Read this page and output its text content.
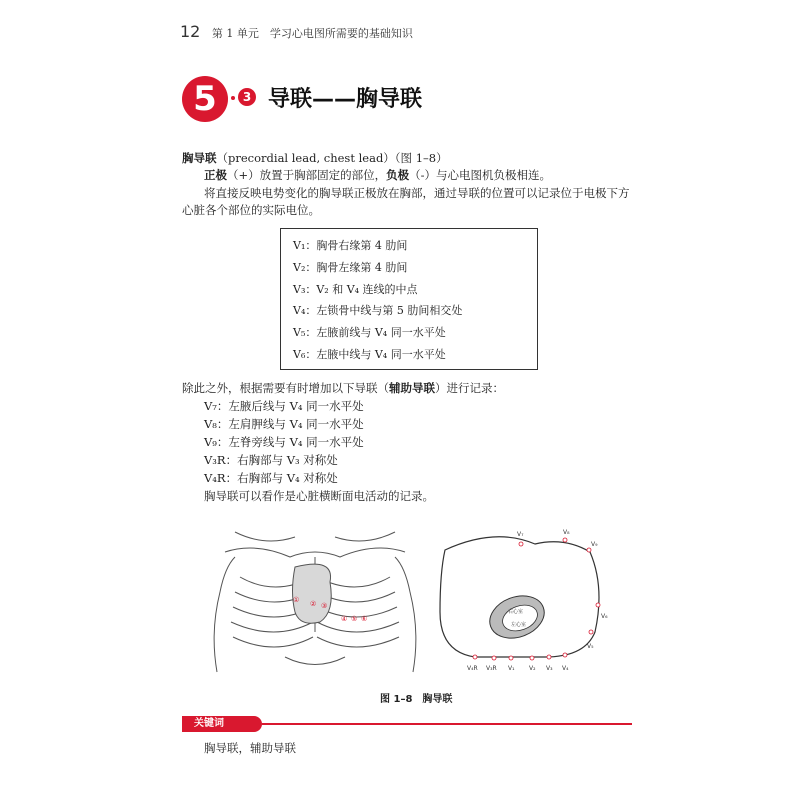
12 第 1 单元　学习心电图所需要的基础知识
5	3 导联——胸导联
胸导联（precordial lead, chest lead）（图 1–8）
正极（+）放置于胸部固定的部位，负极（-）与心电图机负极相连。
将直接反映电势变化的胸导联正极放在胸部，通过导联的位置可以记录位于电极下方
心脏各个部位的实际电位。
V₁：胸骨右缘第 4 肋间
V₂：胸骨左缘第 4 肋间
V₃：V₂ 和 V₄ 连线的中点
V₄：左锁骨中线与第 5 肋间相交处
V₅：左腋前线与 V₄ 同一水平处
V₆：左腋中线与 V₄ 同一水平处
除此之外，根据需要有时增加以下导联（辅助导联）进行记录：
V₇：左腋后线与 V₄ 同一水平处
V₈：左肩胛线与 V₄ 同一水平处
V₉：左脊旁线与 V₄ 同一水平处
V₃R：右胸部与 V₃ 对称处
V₄R：右胸部与 V₄ 对称处
胸导联可以看作是心脏横断面电活动的记录。
① ② ③
④ ⑤ ⑥
右心室
左心室
V₇	V₈
V₉
V₅
V₆
V₄R V₃R V₁ V₂ V₃ V₄
图 1–8　胸导联
关键词
胸导联，辅助导联
